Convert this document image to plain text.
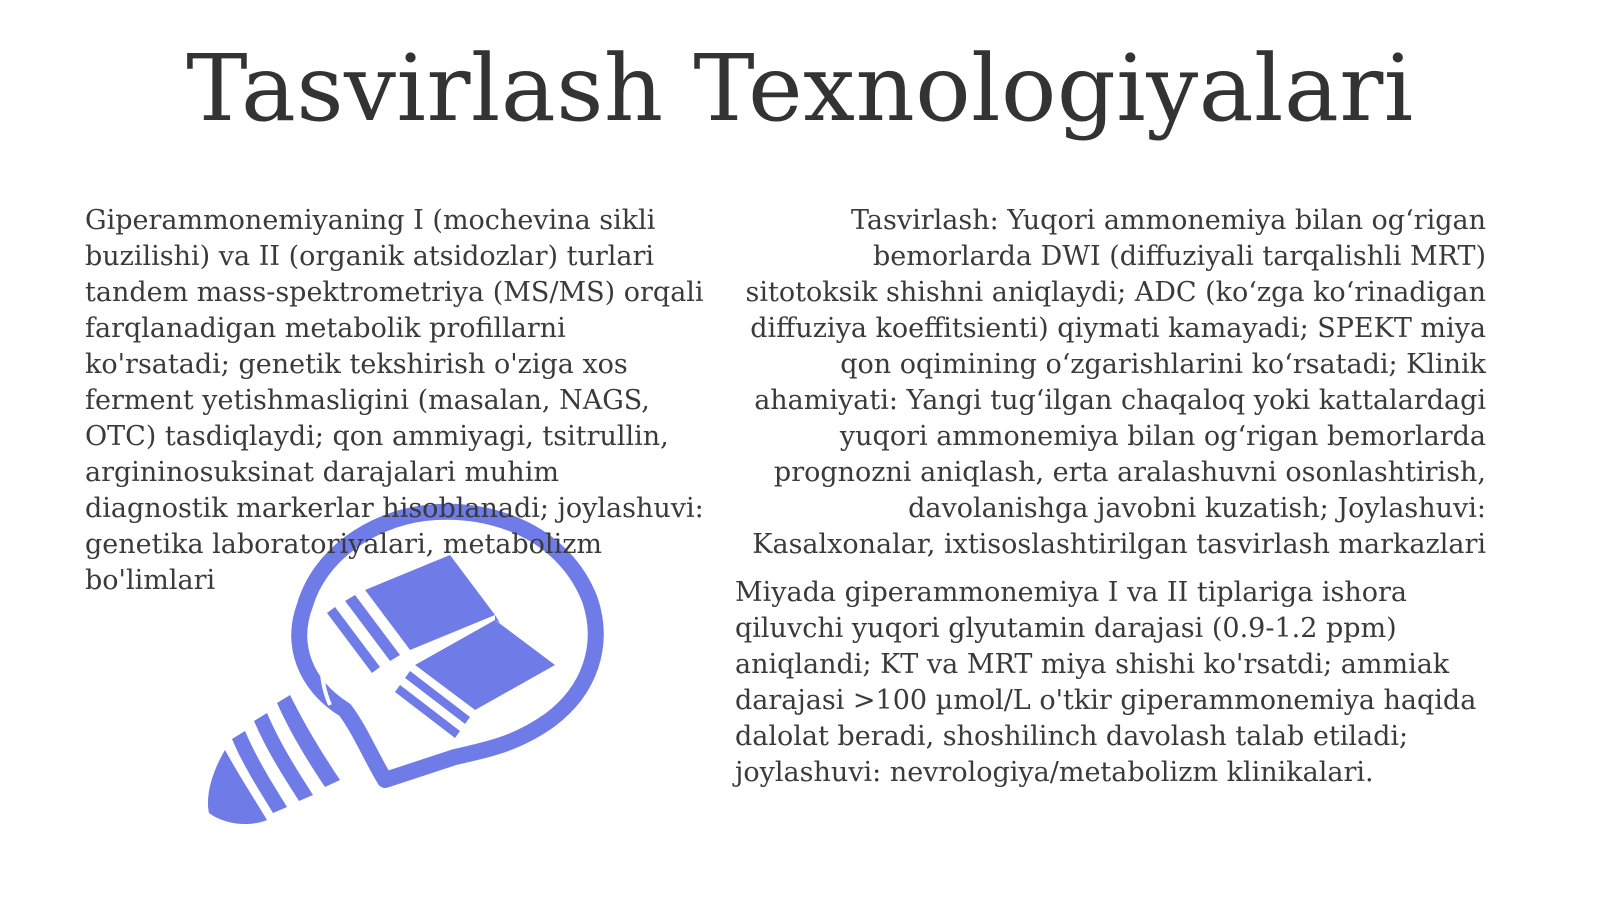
Tasvirlash Texnologiyalari

Giperammonemiyaning I (mochevina sikli buzilishi) va II (organik atsidozlar) turlari tandem mass-spektrometriya (MS/MS) orqali farqlanadigan metabolik profillarni ko'rsatadi; genetik tekshirish o'ziga xos ferment yetishmasligini (masalan, NAGS, OTC) tasdiqlaydi; qon ammiyagi, tsitrullin, argininosuksinat darajalari muhim diagnostik markerlar hisoblanadi; joylashuvi: genetika laboratoriyalari, metabolizm bo'limlari

Tasvirlash: Yuqori ammonemiya bilan og‘rigan bemorlarda DWI (diffuziyali tarqalishli MRT) sitotoksik shishni aniqlaydi; ADC (ko‘zga ko‘rinadigan diffuziya koeffitsienti) qiymati kamayadi; SPEKT miya qon oqimining o‘zgarishlarini ko‘rsatadi; Klinik ahamiyati: Yangi tug‘ilgan chaqaloq yoki kattalardagi yuqori ammonemiya bilan og‘rigan bemorlarda prognozni aniqlash, erta aralashuvni osonlashtirish, davolanishga javobni kuzatish; Joylashuvi: Kasalxonalar, ixtisoslashtirilgan tasvirlash markazlari

Miyada giperammonemiya I va II tiplariga ishora qiluvchi yuqori glyutamin darajasi (0.9-1.2 ppm) aniqlandi; KT va MRT miya shishi ko'rsatdi; ammiak darajasi >100 µmol/L o'tkir giperammonemiya haqida dalolat beradi, shoshilinch davolash talab etiladi; joylashuvi: nevrologiya/metabolizm klinikalari.
